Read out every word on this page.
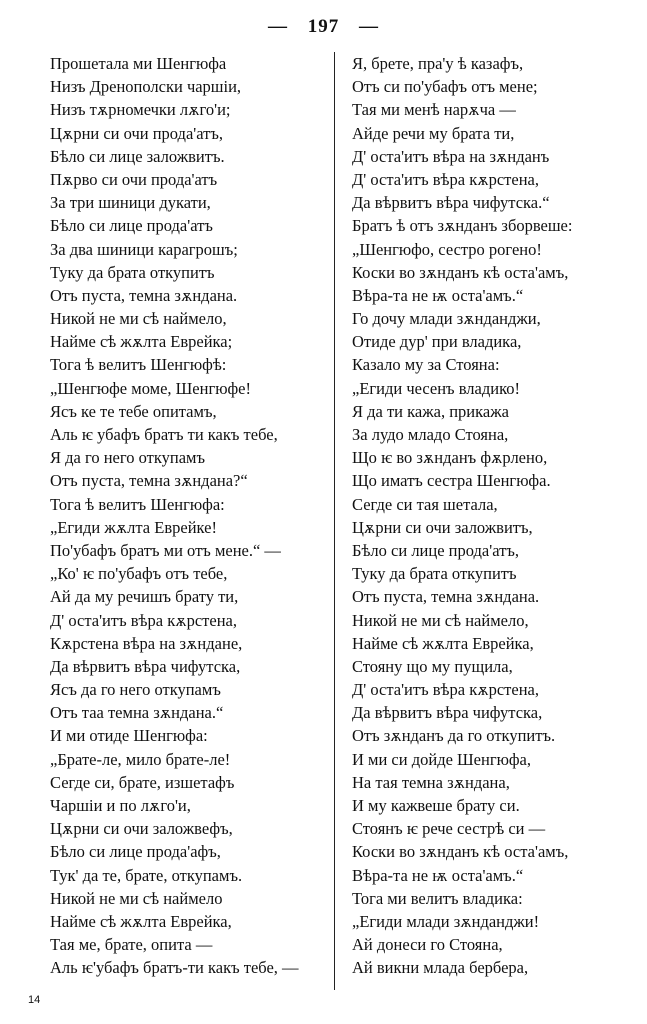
— 197 —
Прошетала ми Шенгюфа
Низъ Дренополски чаршіи,
Низъ тѫрномечки лѫго'и;
Цѫрни си очи прода'атъ,
Бѣло си лице заложвитъ.
Пѫрво си очи прода'атъ
За три шиници дукати,
Бѣло си лице прода'атъ
За два шиници карагрошъ;
Туку да брата откупитъ
Отъ пуста, темна зѫндана.
Никой не ми сѣ наймело,
Найме сѣ жѫлта Еврейка;
Тога ѣ велитъ Шенгюфѣ:
„Шенгюфе моме, Шенгюфе!
Ясъ ке те тебе опитамъ,
Аль ѥ убафъ братъ ти какъ тебе,
Я да го него откупамъ
Отъ пуста, темна зѫндана?“
Тога ѣ велитъ Шенгюфа:
„Егиди жѫлта Еврейке!
По'убафъ братъ ми отъ мене.“ —
„Ко' ѥ по'убафъ отъ тебе,
Ай да му речишъ брату ти,
Д' оста'итъ вѣра кѫрстена,
Кѫрстена вѣра на зѫндане,
Да вѣрвитъ вѣра чифутска,
Ясъ да го него откупамъ
Отъ таа темна зѫндана.“
И ми отиде Шенгюфа:
„Брате-ле, мило брате-ле!
Сегде си, брате, изшетафъ
Чаршіи и по лѫго'и,
Цѫрни си очи заложвефъ,
Бѣло си лице прода'афъ,
Тук' да те, брате, откупамъ.
Никой не ми сѣ наймело
Найме сѣ жѫлта Еврейка,
Тая ме, брате, опита —
Аль ѥ'убафъ братъ-ти какъ тебе, —
Я, брете, пра'у ѣ казафъ,
Отъ си по'убафъ отъ мене;
Тая ми менѣ нарѫча —
Айде речи му брата ти,
Д' оста'итъ вѣра на зѫнданъ
Д' оста'итъ вѣра кѫрстена,
Да вѣрвитъ вѣра чифутска.“
Братъ ѣ отъ зѫнданъ зборвеше:
„Шенгюфо, сестро рогено!
Коски во зѫнданъ кѣ оста'амъ,
Вѣра-та не ѭ оста'амъ.“
Го дочу млади зѫнданджи,
Отиде дур' при владика,
Казало му за Стояна:
„Егиди чесенъ владико!
Я да ти кажа, прикажа
За лудо младо Стояна,
Що ѥ во зѫнданъ фѫрлено,
Що иматъ сестра Шенгюфа.
Сегде си тая шетала,
Цѫрни си очи заложвитъ,
Бѣло си лице прода'атъ,
Туку да брата откупитъ
Отъ пуста, темна зѫндана.
Никой не ми сѣ наймело,
Найме сѣ жѫлта Еврейка,
Стояну що му пущила,
Д' оста'итъ вѣра кѫрстена,
Да вѣрвитъ вѣра чифутска,
Отъ зѫнданъ да го откупитъ.
И ми си дойде Шенгюфа,
На тая темна зѫндана,
И му кажвеше брату си.
Стоянъ ѥ рече сестрѣ си —
Коски во зѫнданъ кѣ оста'амъ,
Вѣра-та не ѭ оста'амъ.“
Тога ми велитъ владика:
„Егиди млади зѫнданджи!
Ай донеси го Стояна,
Ай викни млада бербера,
14
